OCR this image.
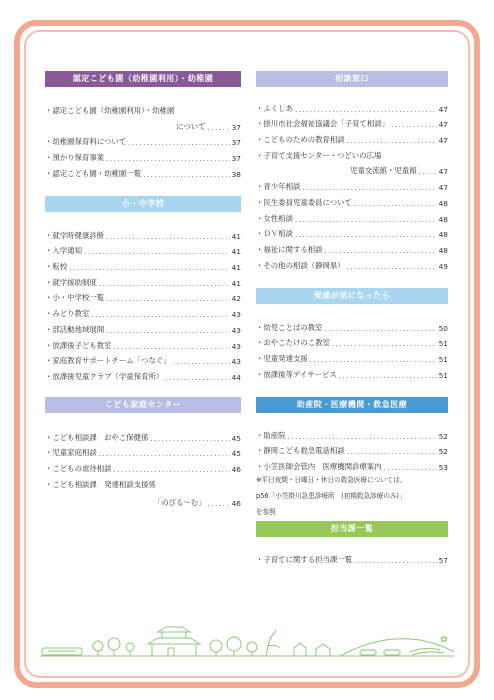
認定こども園（幼稚園利用）・幼稚園
・認定こども園（幼稚園利用）・幼稚園
について .....	37
・幼稚園保育料について .....	37
・預かり保育事業 .....	37
・認定こども園・幼稚園一覧 .....	38
小・中学校
・就学時健康診断 .....	41
・入学通知 .....	41
・転校 .....	41
・就学援助制度 .....	41
・小・中学校一覧 .....	42
・みどり教室 .....	43
・部活動地域展開 .....	43
・放課後子ども教室 .....	43
・家庭教育サポートチーム「つなぐ」 .....	43
・放課後児童クラブ（学童保育所） .....	44
こども家庭センター
・こども相談課　おやこ保健係 .....	45
・児童家庭相談 .....	45
・こどもの虐待相談 .....	46
・こども相談課　発達相談支援係
「のびる～む」 .....	46
相談窓口
・ふくしあ .....	47
・掛川市社会福祉協議会「子育て相談」 .....	47
・こどものための教育相談 .....	47
・子育て支援センター・つどいの広場
児童交流館・児童館 .....	47
・青少年相談 .....	47
・民生委員児童委員について .....	48
・女性相談 .....	48
・ＤＶ相談 .....	48
・福祉に関する相談 .....	48
・その他の相談（静岡県） .....	49
発達が気になったら
・幼児ことばの教室 .....	50
・おやこたけのこ教室 .....	51
・児童発達支援 .....	51
・放課後等デイサービス .....	51
助産院・医療機関・救急医療
・助産院 .....	52
・静岡こども救急電話相談 .....	52
・小笠医師会管内　医療機関診療案内 .....	53
※平日夜間・日曜日・休日の救急医療については、
p56「小笠掛川急患診療所　(初期救急診療のみ)」
を参照
担当課一覧
・子育てに関する担当課一覧 .....	57
✿
